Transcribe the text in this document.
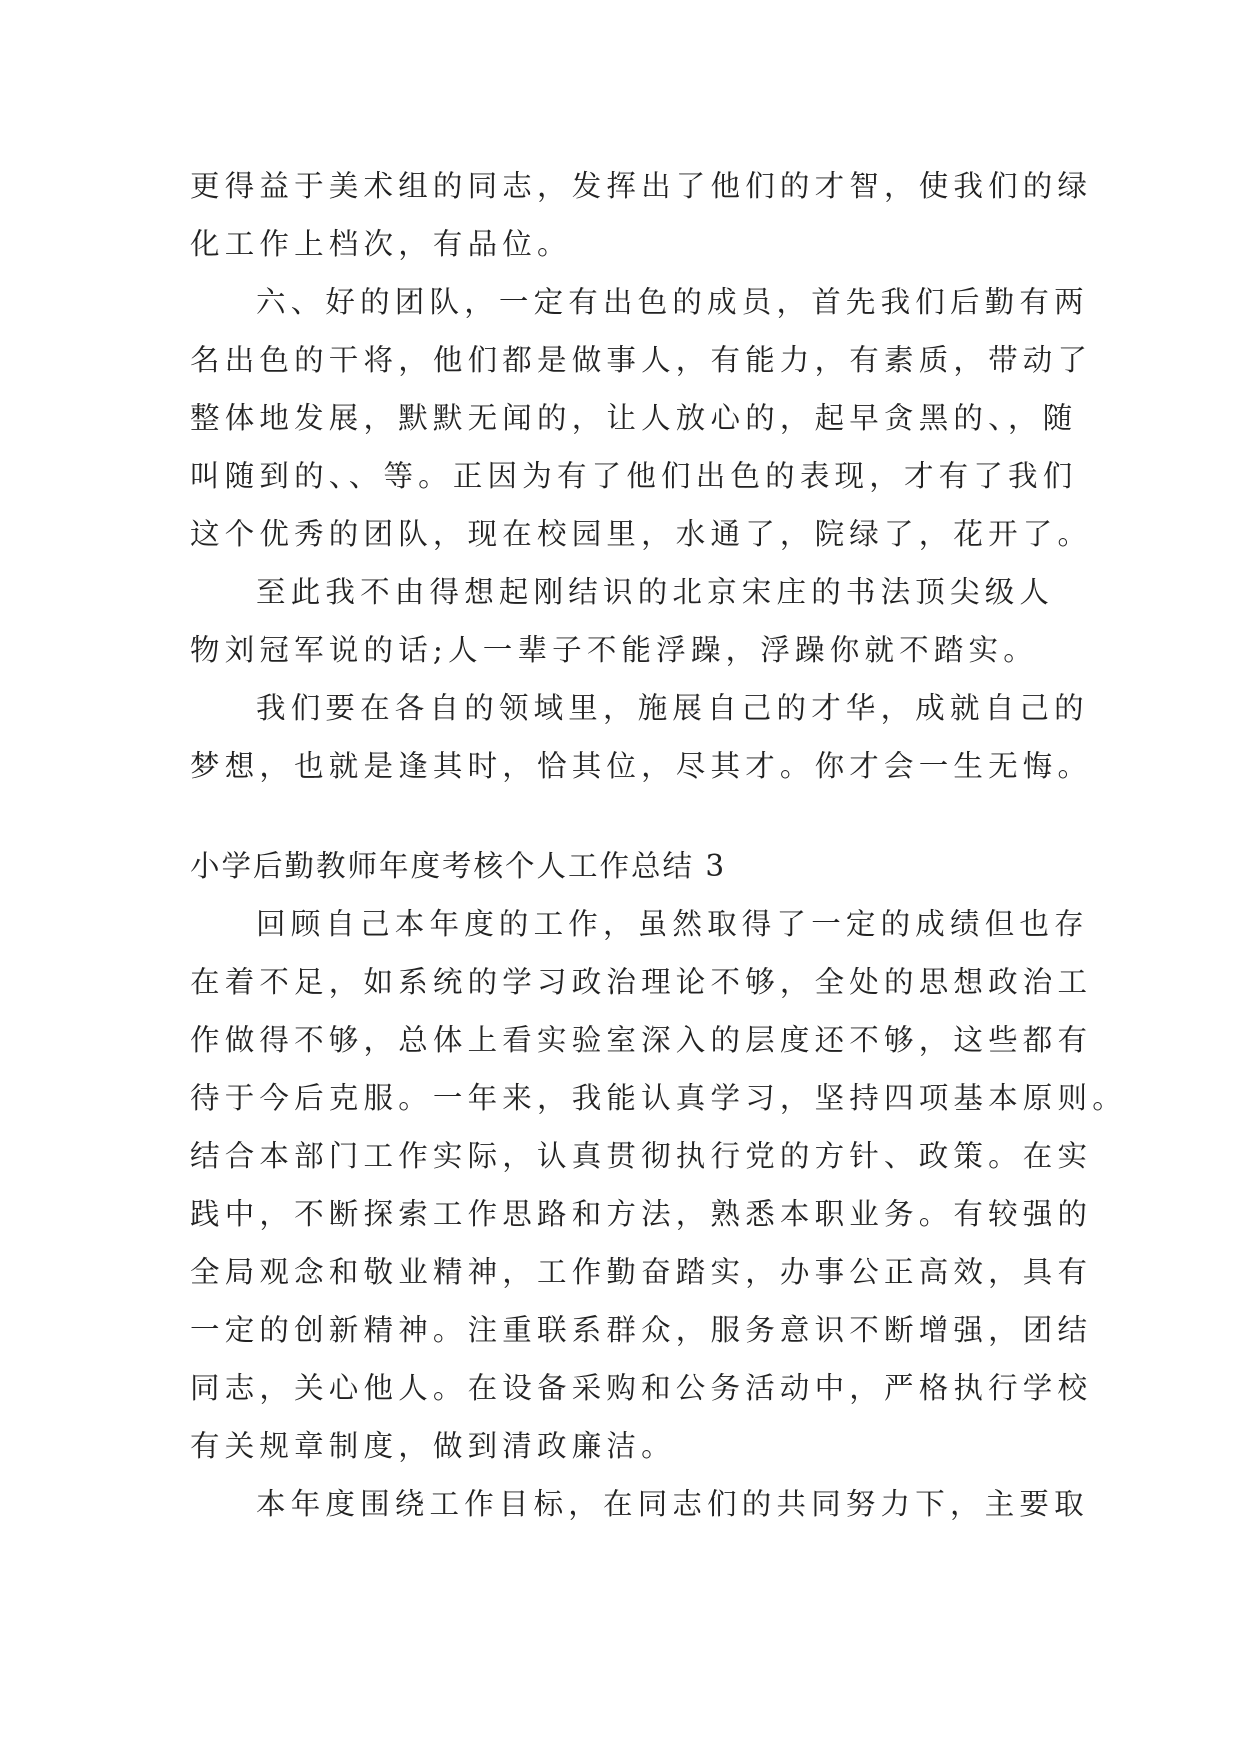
更得益于美术组的同志，发挥出了他们的才智，使我们的绿
化工作上档次，有品位。
六、好的团队，一定有出色的成员，首先我们后勤有两
名出色的干将，他们都是做事人，有能力，有素质，带动了
整体地发展，默默无闻的，让人放心的，起早贪黑的、，随
叫随到的、、等。正因为有了他们出色的表现，才有了我们
这个优秀的团队，现在校园里，水通了，院绿了，花开了。
至此我不由得想起刚结识的北京宋庄的书法顶尖级人
物刘冠军说的话;人一辈子不能浮躁，浮躁你就不踏实。
我们要在各自的领域里，施展自己的才华，成就自己的
梦想，也就是逢其时，恰其位，尽其才。你才会一生无悔。
小学后勤教师年度考核个人工作总结 3
回顾自己本年度的工作，虽然取得了一定的成绩但也存
在着不足，如系统的学习政治理论不够，全处的思想政治工
作做得不够，总体上看实验室深入的层度还不够，这些都有
待于今后克服。一年来，我能认真学习，坚持四项基本原则。
结合本部门工作实际，认真贯彻执行党的方针、政策。在实
践中，不断探索工作思路和方法，熟悉本职业务。有较强的
全局观念和敬业精神，工作勤奋踏实，办事公正高效，具有
一定的创新精神。注重联系群众，服务意识不断增强，团结
同志，关心他人。在设备采购和公务活动中，严格执行学校
有关规章制度，做到清政廉洁。
本年度围绕工作目标，在同志们的共同努力下，主要取
